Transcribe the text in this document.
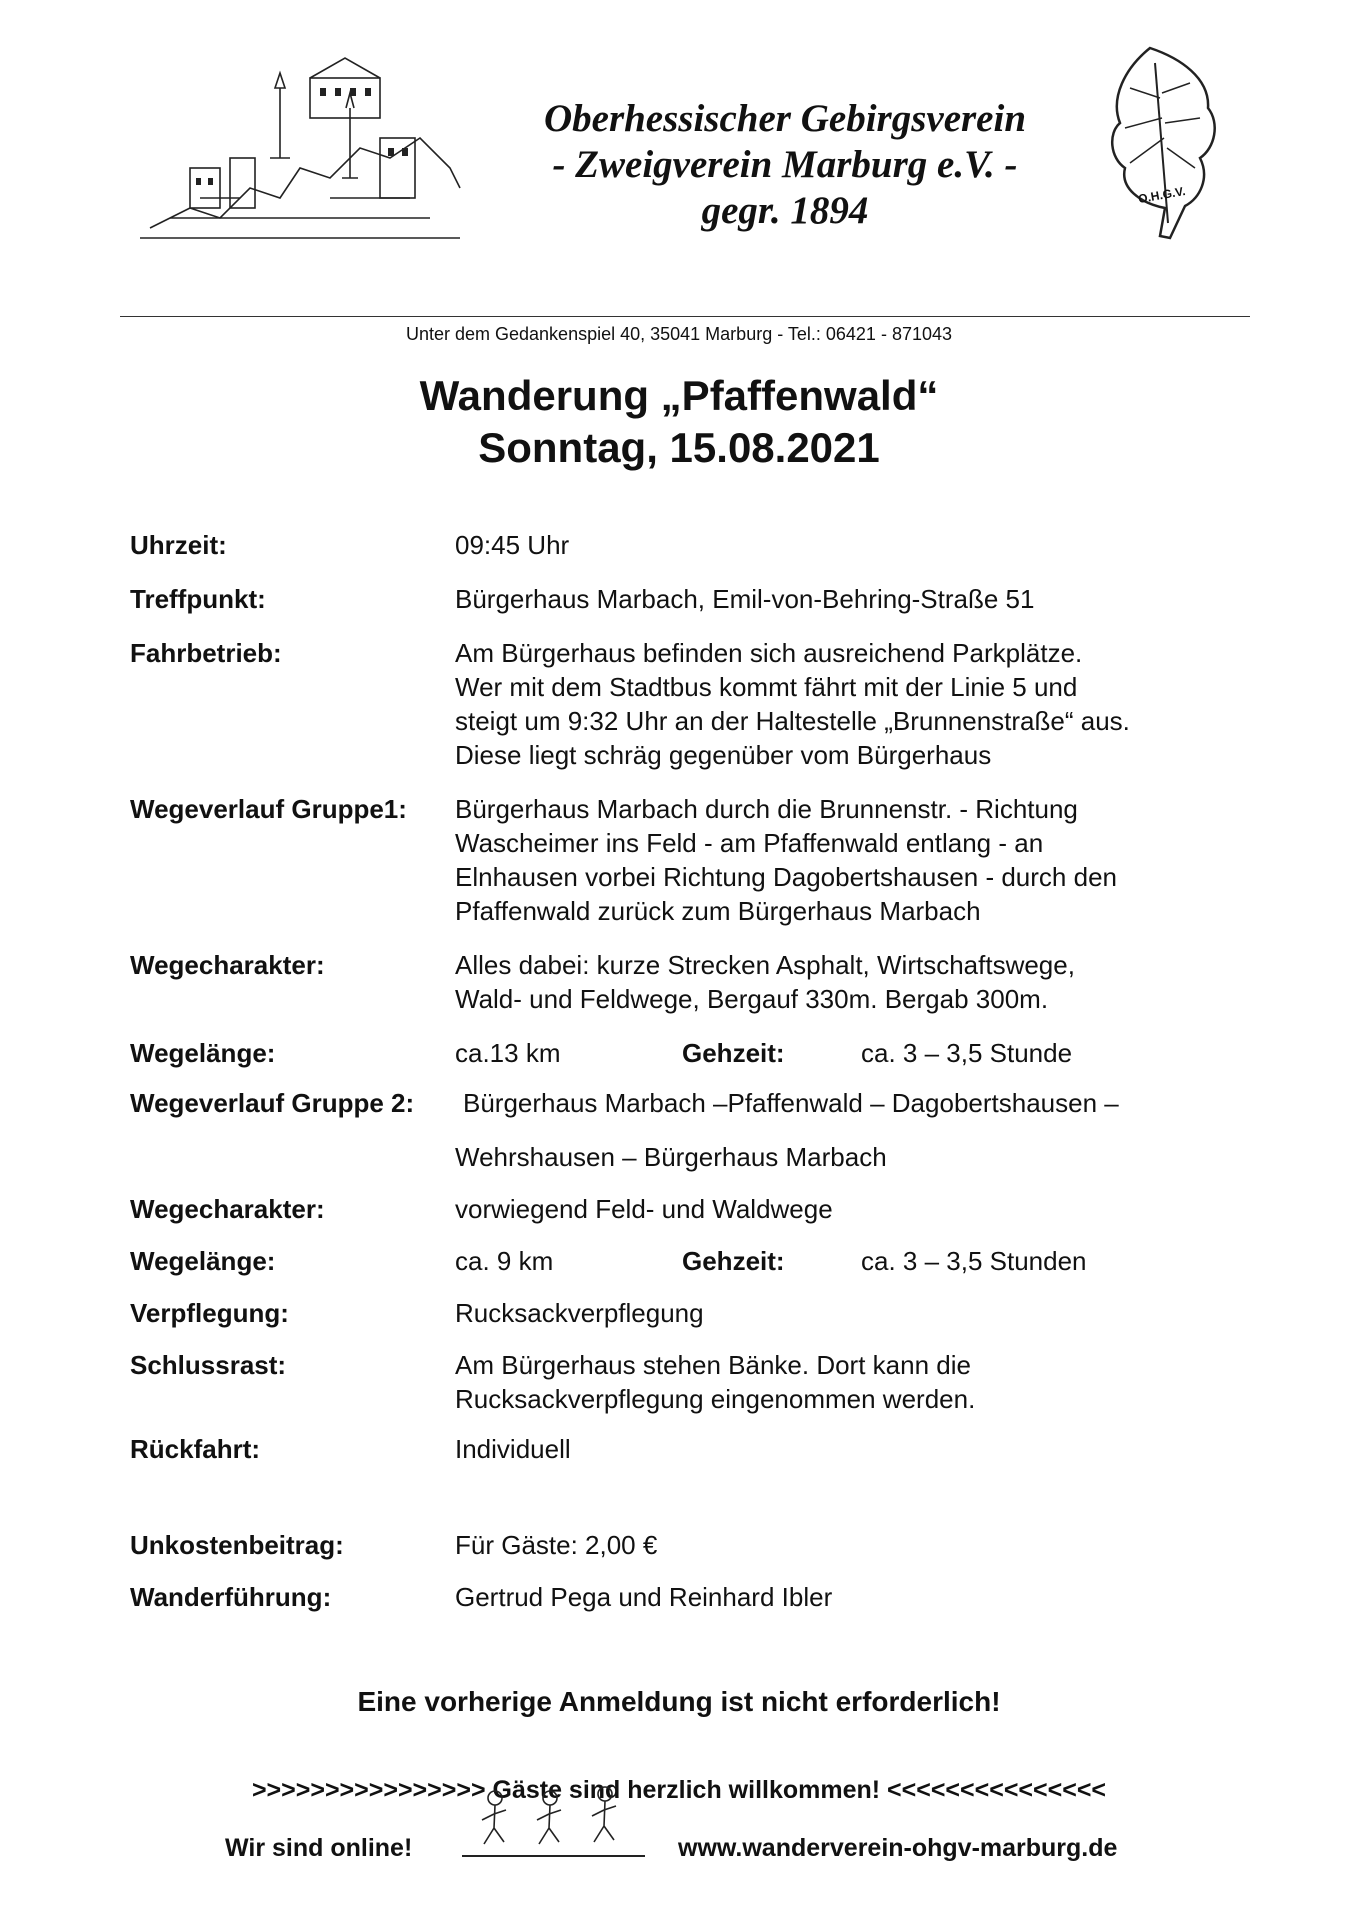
Oberhessischer Gebirgsverein
- Zweigverein Marburg e.V. -
gegr. 1894	O.H.G.V.
Unter dem Gedankenspiel 40, 35041 Marburg - Tel.: 06421 - 871043
Wanderung „Pfaffenwald“
Sonntag, 15.08.2021
Uhrzeit:	09:45 Uhr
Treffpunkt:	Bürgerhaus Marbach, Emil-von-Behring-Straße 51
Fahrbetrieb:	Am Bürgerhaus befinden sich ausreichend Parkplätze.
Wer mit dem Stadtbus kommt fährt mit der Linie 5 und
steigt um 9:32 Uhr an der Haltestelle „Brunnenstraße“ aus.
Diese liegt schräg gegenüber vom Bürgerhaus
Wegeverlauf Gruppe1: Bürgerhaus Marbach durch die Brunnenstr. - Richtung
Wascheimer ins Feld - am Pfaffenwald entlang - an
Elnhausen vorbei Richtung Dagobertshausen - durch den
Pfaffenwald zurück zum Bürgerhaus Marbach
Wegecharakter:	Alles dabei: kurze Strecken Asphalt, Wirtschaftswege,
Wald- und Feldwege, Bergauf 330m. Bergab 300m.
Wegelänge:	ca.13 km	Gehzeit:	ca. 3 – 3,5 Stunde
Wegeverlauf Gruppe 2: Bürgerhaus Marbach –Pfaffenwald – Dagobertshausen –
Wehrshausen – Bürgerhaus Marbach
Wegecharakter:	vorwiegend Feld- und Waldwege
Wegelänge:	ca. 9 km	Gehzeit:	ca. 3 – 3,5 Stunden
Verpflegung:	Rucksackverpflegung
Schlussrast:	Am Bürgerhaus stehen Bänke. Dort kann die
Rucksackverpflegung eingenommen werden.
Rückfahrt:	Individuell
Unkostenbeitrag:	Für Gäste: 2,00 €
Wanderführung:	Gertrud Pega und Reinhard Ibler
Eine vorherige Anmeldung ist nicht erforderlich!
>>>>>>>>>>>>>>>> Gäste sind herzlich willkommen! <<<<<<<<<<<<<<<
Wir sind online!	www.wanderverein-ohgv-marburg.de
